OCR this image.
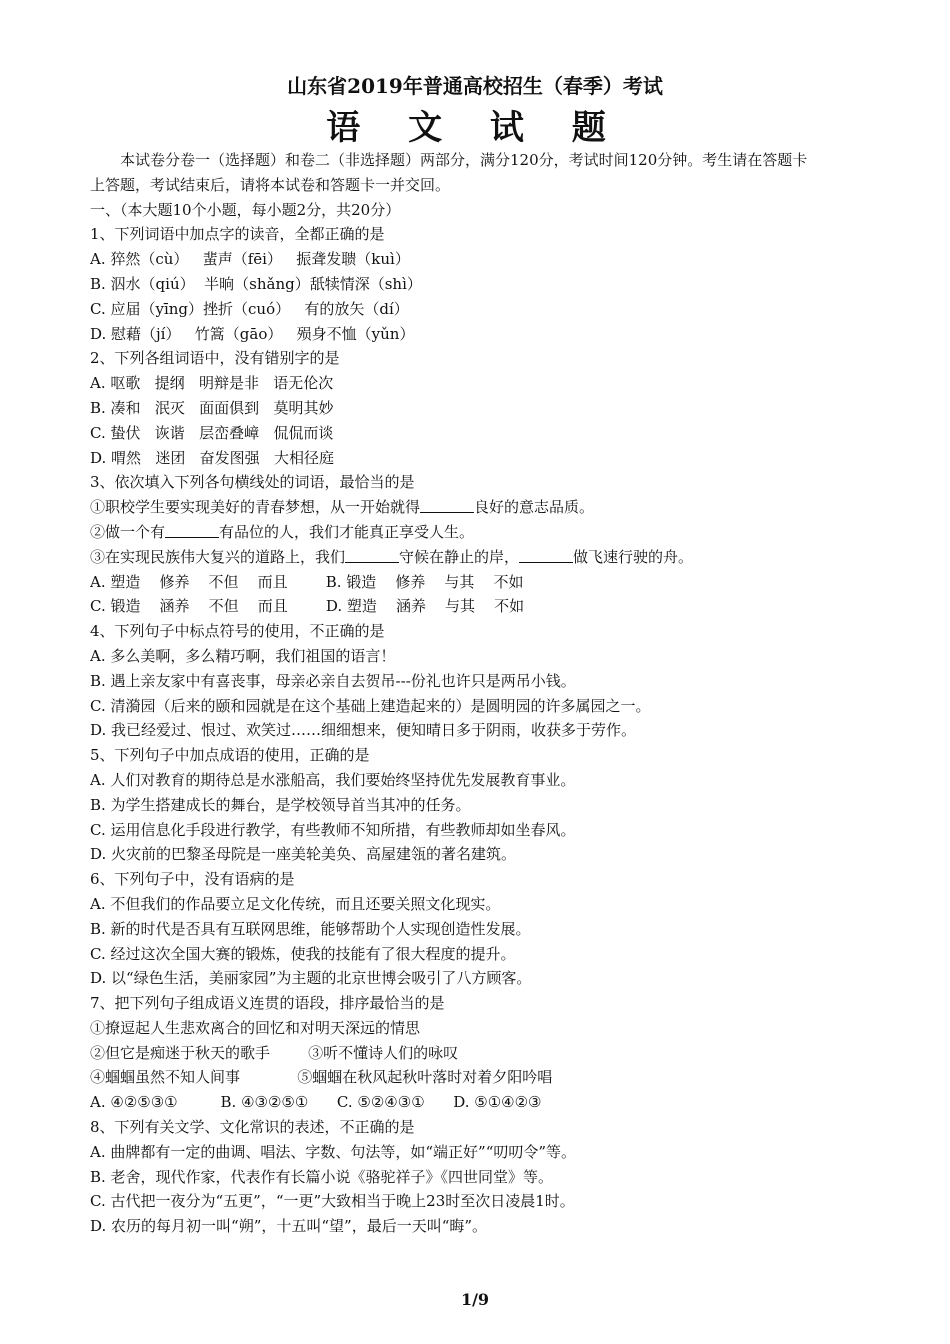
山东省2019年普通高校招生（春季）考试
语 文 试 题
本试卷分卷一（选择题）和卷二（非选择题）两部分，满分120分，考试时间120分钟。考生请在答题卡
上答题，考试结束后，请将本试卷和答题卡一并交回。
一、（本大题10个小题，每小题2分，共20分）
1、下列词语中加点字的读音，全都正确的是
A. 猝然（cù）   蜚声（fēi）   振聋发聩（kuì）
B. 泅水（qiú）  半晌（shǎng）舐犊情深（shì）
C. 应届（yīng）挫折（cuó）   有的放矢（dí）
D. 慰藉（jí）   竹篙（gāo）   殒身不恤（yǔn）
2、下列各组词语中，没有错别字的是
A. 呕歌   提纲   明辩是非   语无伦次
B. 凑和   泯灭   面面俱到   莫明其妙
C. 蛰伏   诙谐   层峦叠嶂   侃侃而谈
D. 喟然   迷团   奋发图强   大相径庭
3、依次填入下列各句横线处的词语，最恰当的是
①职校学生要实现美好的青春梦想，从一开始就得	良好的意志品质。
②做一个有	有品位的人，我们才能真正享受人生。
③在实现民族伟大复兴的道路上，我们	守候在静止的岸，	做飞速行驶的舟。
A. 塑造    修养    不但    而且        B. 锻造    修养    与其    不如
C. 锻造    涵养    不但    而且        D. 塑造    涵养    与其    不如
4、下列句子中标点符号的使用，不正确的是
A. 多么美啊，多么精巧啊，我们祖国的语言！
B. 遇上亲友家中有喜丧事，母亲必亲自去贺吊---份礼也许只是两吊小钱。
C. 清漪园（后来的颐和园就是在这个基础上建造起来的）是圆明园的许多属园之一。
D. 我已经爱过、恨过、欢笑过……细细想来，便知晴日多于阴雨，收获多于劳作。
5、下列句子中加点成语的使用，正确的是
A. 人们对教育的期待总是水涨船高，我们要始终坚持优先发展教育事业。
B. 为学生搭建成长的舞台，是学校领导首当其冲的任务。
C. 运用信息化手段进行教学，有些教师不知所措，有些教师却如坐春风。
D. 火灾前的巴黎圣母院是一座美轮美奂、高屋建瓴的著名建筑。
6、下列句子中，没有语病的是
A. 不但我们的作品要立足文化传统，而且还要关照文化现实。
B. 新的时代是否具有互联网思维，能够帮助个人实现创造性发展。
C. 经过这次全国大赛的锻炼，使我的技能有了很大程度的提升。
D. 以“绿色生活，美丽家园”为主题的北京世博会吸引了八方顾客。
7、把下列句子组成语义连贯的语段，排序最恰当的是
①撩逗起人生悲欢离合的回忆和对明天深远的情思
②但它是痴迷于秋天的歌手        ③听不懂诗人们的咏叹
④蝈蝈虽然不知人间事            ⑤蝈蝈在秋风起秋叶落时对着夕阳吟唱
A. ④②⑤③①         B. ④③②⑤①      C. ⑤②④③①      D. ⑤①④②③
8、下列有关文学、文化常识的表述，不正确的是
A. 曲牌都有一定的曲调、唱法、字数、句法等，如“端正好”“叨叨令”等。
B. 老舍，现代作家，代表作有长篇小说《骆驼祥子》《四世同堂》等。
C. 古代把一夜分为“五更”，“一更”大致相当于晚上23时至次日凌晨1时。
D. 农历的每月初一叫“朔”，十五叫“望”，最后一天叫“晦”。
1/9
